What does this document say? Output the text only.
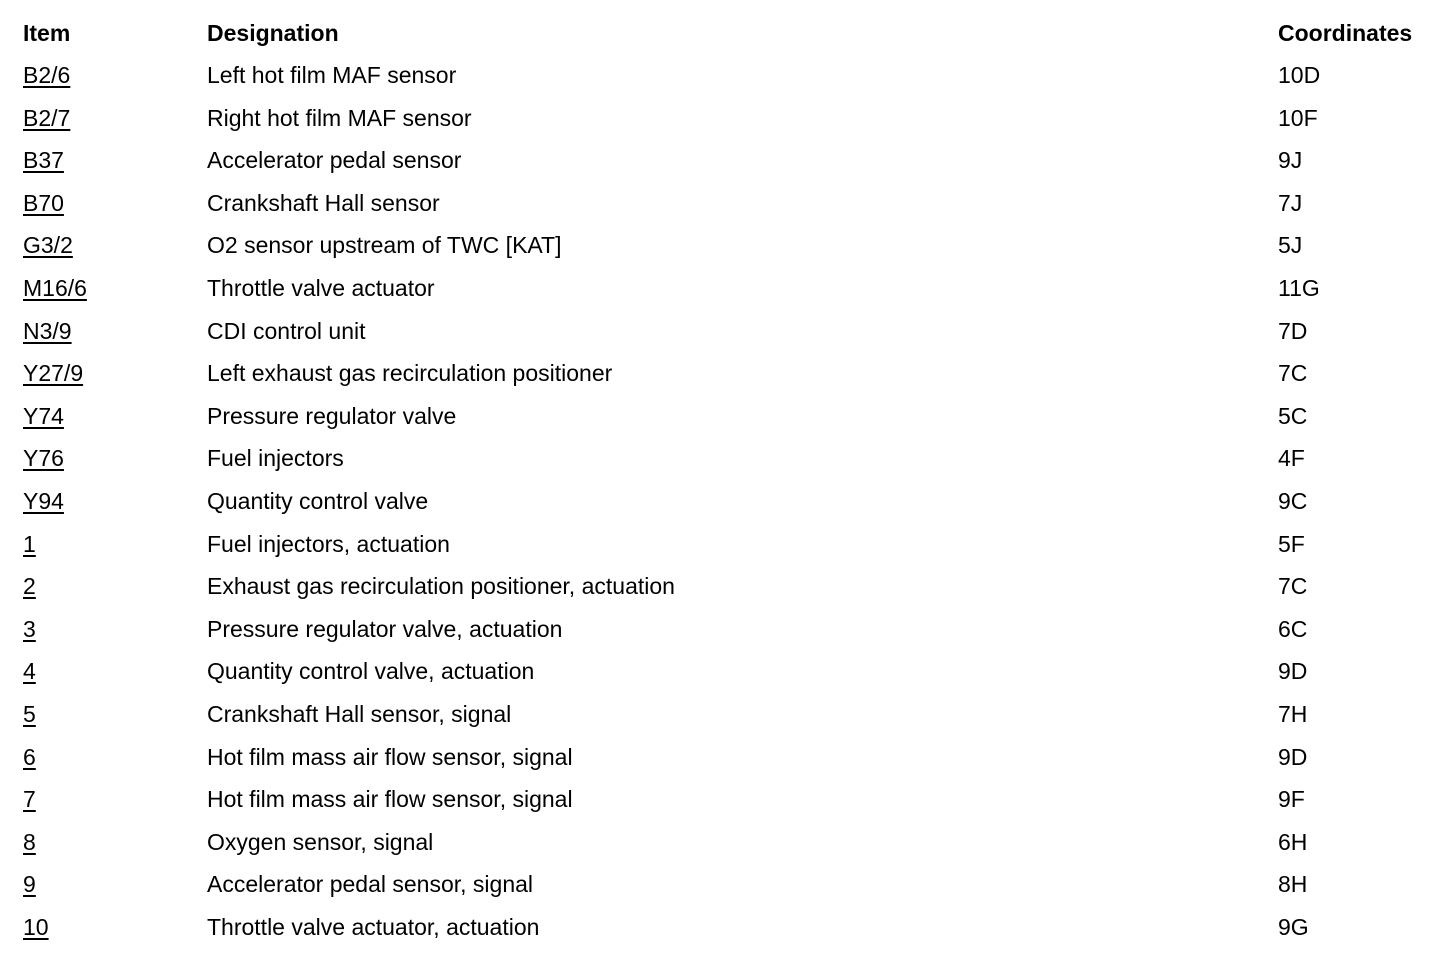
Item	Designation	Coordinates
B2/6	Left hot film MAF sensor	10D
B2/7	Right hot film MAF sensor	10F
B37	Accelerator pedal sensor	9J
B70	Crankshaft Hall sensor	7J
G3/2	O2 sensor upstream of TWC [KAT]	5J
M16/6	Throttle valve actuator	11G
N3/9	CDI control unit	7D
Y27/9	Left exhaust gas recirculation positioner	7C
Y74	Pressure regulator valve	5C
Y76	Fuel injectors	4F
Y94	Quantity control valve	9C
1	Fuel injectors, actuation	5F
2	Exhaust gas recirculation positioner, actuation	7C
3	Pressure regulator valve, actuation	6C
4	Quantity control valve, actuation	9D
5	Crankshaft Hall sensor, signal	7H
6	Hot film mass air flow sensor, signal	9D
7	Hot film mass air flow sensor, signal	9F
8	Oxygen sensor, signal	6H
9	Accelerator pedal sensor, signal	8H
10	Throttle valve actuator, actuation	9G
